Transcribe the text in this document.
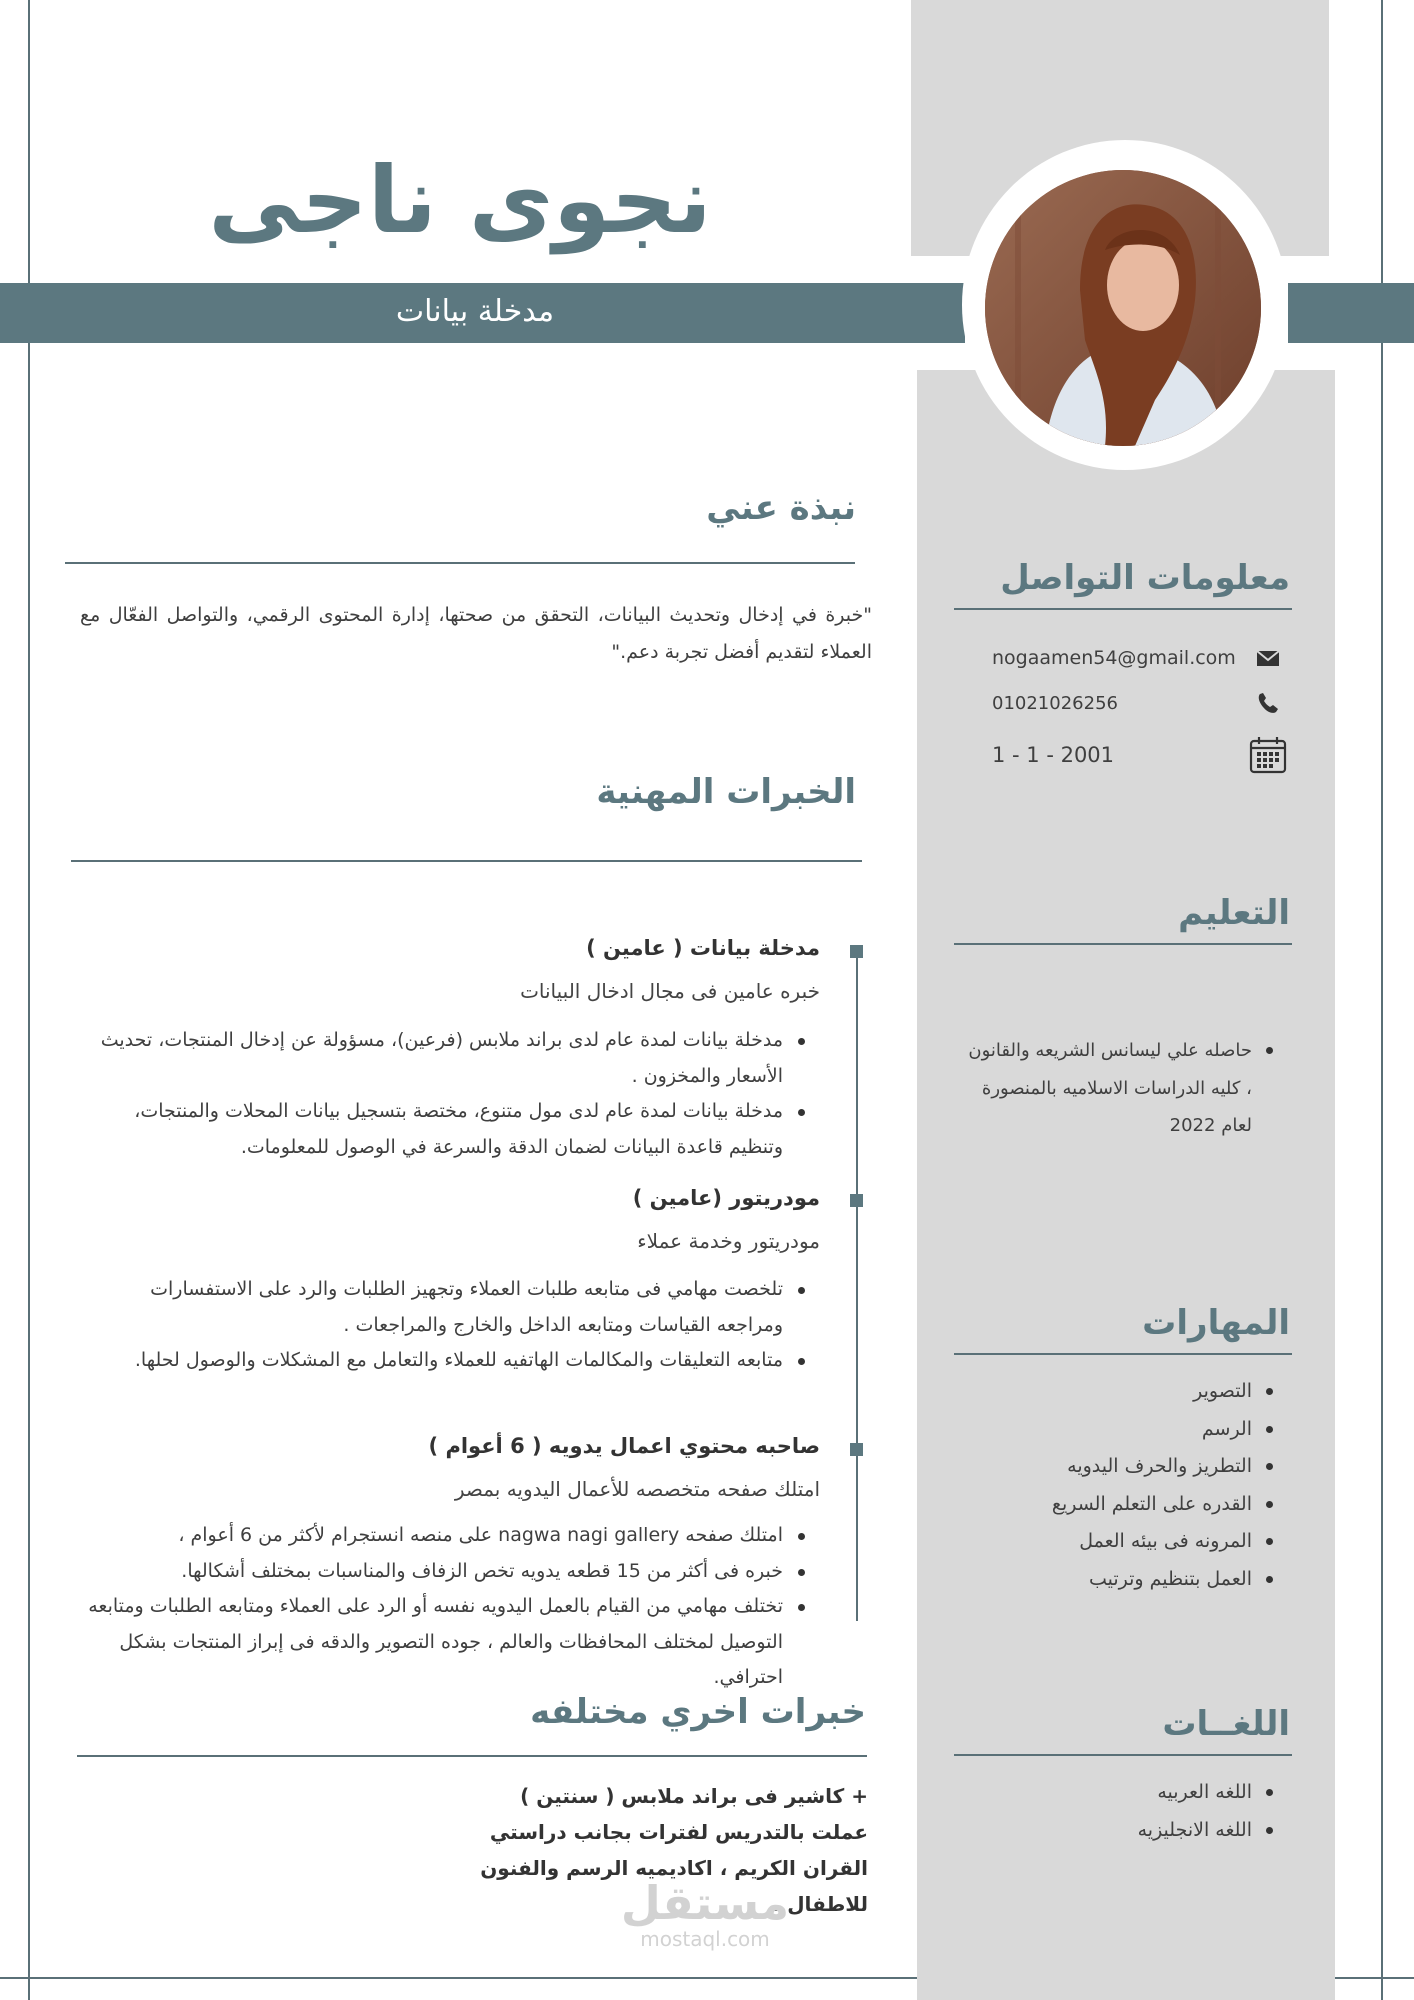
نجوى ناجى
مدخلة بيانات
نبذة عني
"خبرة في إدخال وتحديث البيانات، التحقق من صحتها، إدارة المحتوى الرقمي، والتواصل الفعّال مع العملاء لتقديم أفضل تجربة دعم."
الخبرات المهنية
مدخلة بيانات ( عامين )
خبره عامين فى مجال ادخال البيانات
مدخلة بيانات لمدة عام لدى براند ملابس (فرعين)، مسؤولة عن إدخال المنتجات، تحديث الأسعار والمخزون .
مدخلة بيانات لمدة عام لدى مول متنوع، مختصة بتسجيل بيانات المحلات والمنتجات، وتنظيم قاعدة البيانات لضمان الدقة والسرعة في الوصول للمعلومات.
مودريتور (عامين )
مودريتور وخدمة عملاء
تلخصت مهامي فى متابعه طلبات العملاء وتجهيز الطلبات والرد على الاستفسارات ومراجعه القياسات ومتابعه الداخل والخارج والمراجعات .
متابعه التعليقات والمكالمات الهاتفيه للعملاء والتعامل مع المشكلات والوصول لحلها.
صاحبه محتوي اعمال يدويه ( 6 أعوام )
امتلك صفحه متخصصه للأعمال اليدويه بمصر
امتلك صفحه nagwa nagi gallery على منصه انستجرام لأكثر من 6 أعوام ،
خبره فى أكثر من 15 قطعه يدويه تخص الزفاف والمناسبات بمختلف أشكالها.
تختلف مهامي من القيام بالعمل اليدويه نفسه أو الرد على العملاء ومتابعه الطلبات ومتابعه التوصيل لمختلف المحافظات والعالم ، جوده التصوير والدقه فى إبراز المنتجات بشكل احترافي.
خبرات اخري مختلفه
+ كاشير فى براند ملابس ( سنتين )
عملت بالتدريس لفترات بجانب دراستي
القران الكريم ، اكاديميه الرسم والفنون
للاطفال .
معلومات التواصل
nogaamen54@gmail.com
01021026256
1 - 1 - 2001
التعليم
حاصله علي ليسانس الشريعه والقانون ، كليه الدراسات الاسلاميه بالمنصورة لعام 2022
المهارات
التصوير
الرسم
التطريز والحرف اليدويه
القدره على التعلم السريع
المرونه فى بيئه العمل
العمل بتنظيم وترتيب
اللغــات
اللغه العربيه
اللغه الانجليزيه
مستقل
mostaql.com
